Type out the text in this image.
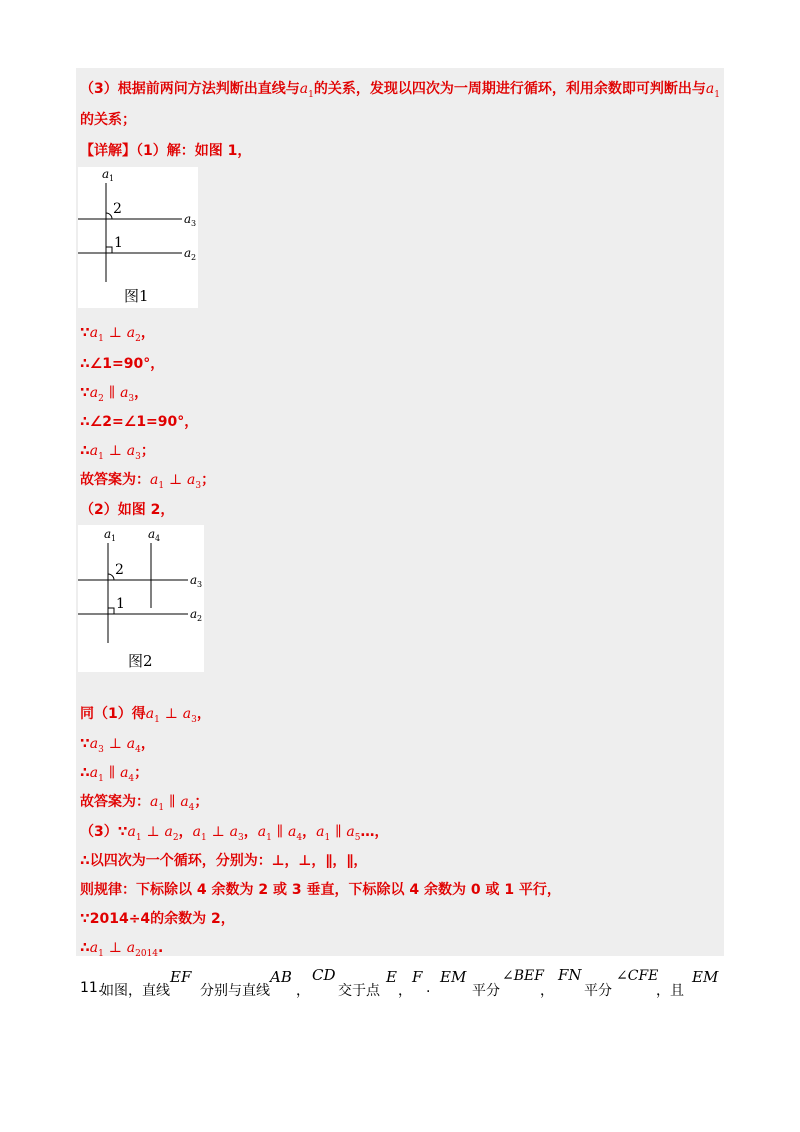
（3）根据前两问方法判断出直线与$a_1$的关系，发现以四次为一周期进行循环，利用余数即可判断出与$a_1$
的关系；
【详解】（1）解：如图 1，
a 1
2
1
a 3
a 2
图1
$\because a_1$ ⊥ $a_2$，
∴∠1=90°，
$\because a_2$ ∥ $a_3$，
∴∠2=∠1=90°，
$\therefore a_1$ ⊥ $a_3$；
故答案为：$a_1$ ⊥ $a_3$；
（2）如图 2，
a 1	a 4
2
1
a 3
a 2
图2
同（1）得$a_1$ ⊥ $a_3$，
$\because a_3$ ⊥ $a_4$，
$\therefore a_1$ ∥ $a_4$；
故答案为：$a_1$ ∥ $a_4$；
$(3)\because a_1$ ⊥ $a_2$，$a_1$ ⊥ $a_3$，$a_1$ ∥ $a_4$，$a_1$ ∥ $a_5\dots$，
∴以四次为一个循环，分别为：⊥，⊥，∥，∥，
则规律：下标除以 4 余数为 2 或 3 垂直，下标除以 4 余数为 0 或 1 平行，
∵2014÷4的余数为 2，
$\therefore a_1$ ⊥ $a_{2014}$.
11.
如图，直线
EF
分别与直线
AB
，
CD
交于点
E
，
F
.
EM
平分
∠BEF
，
FN
平分
∠CFE
，且
EM
